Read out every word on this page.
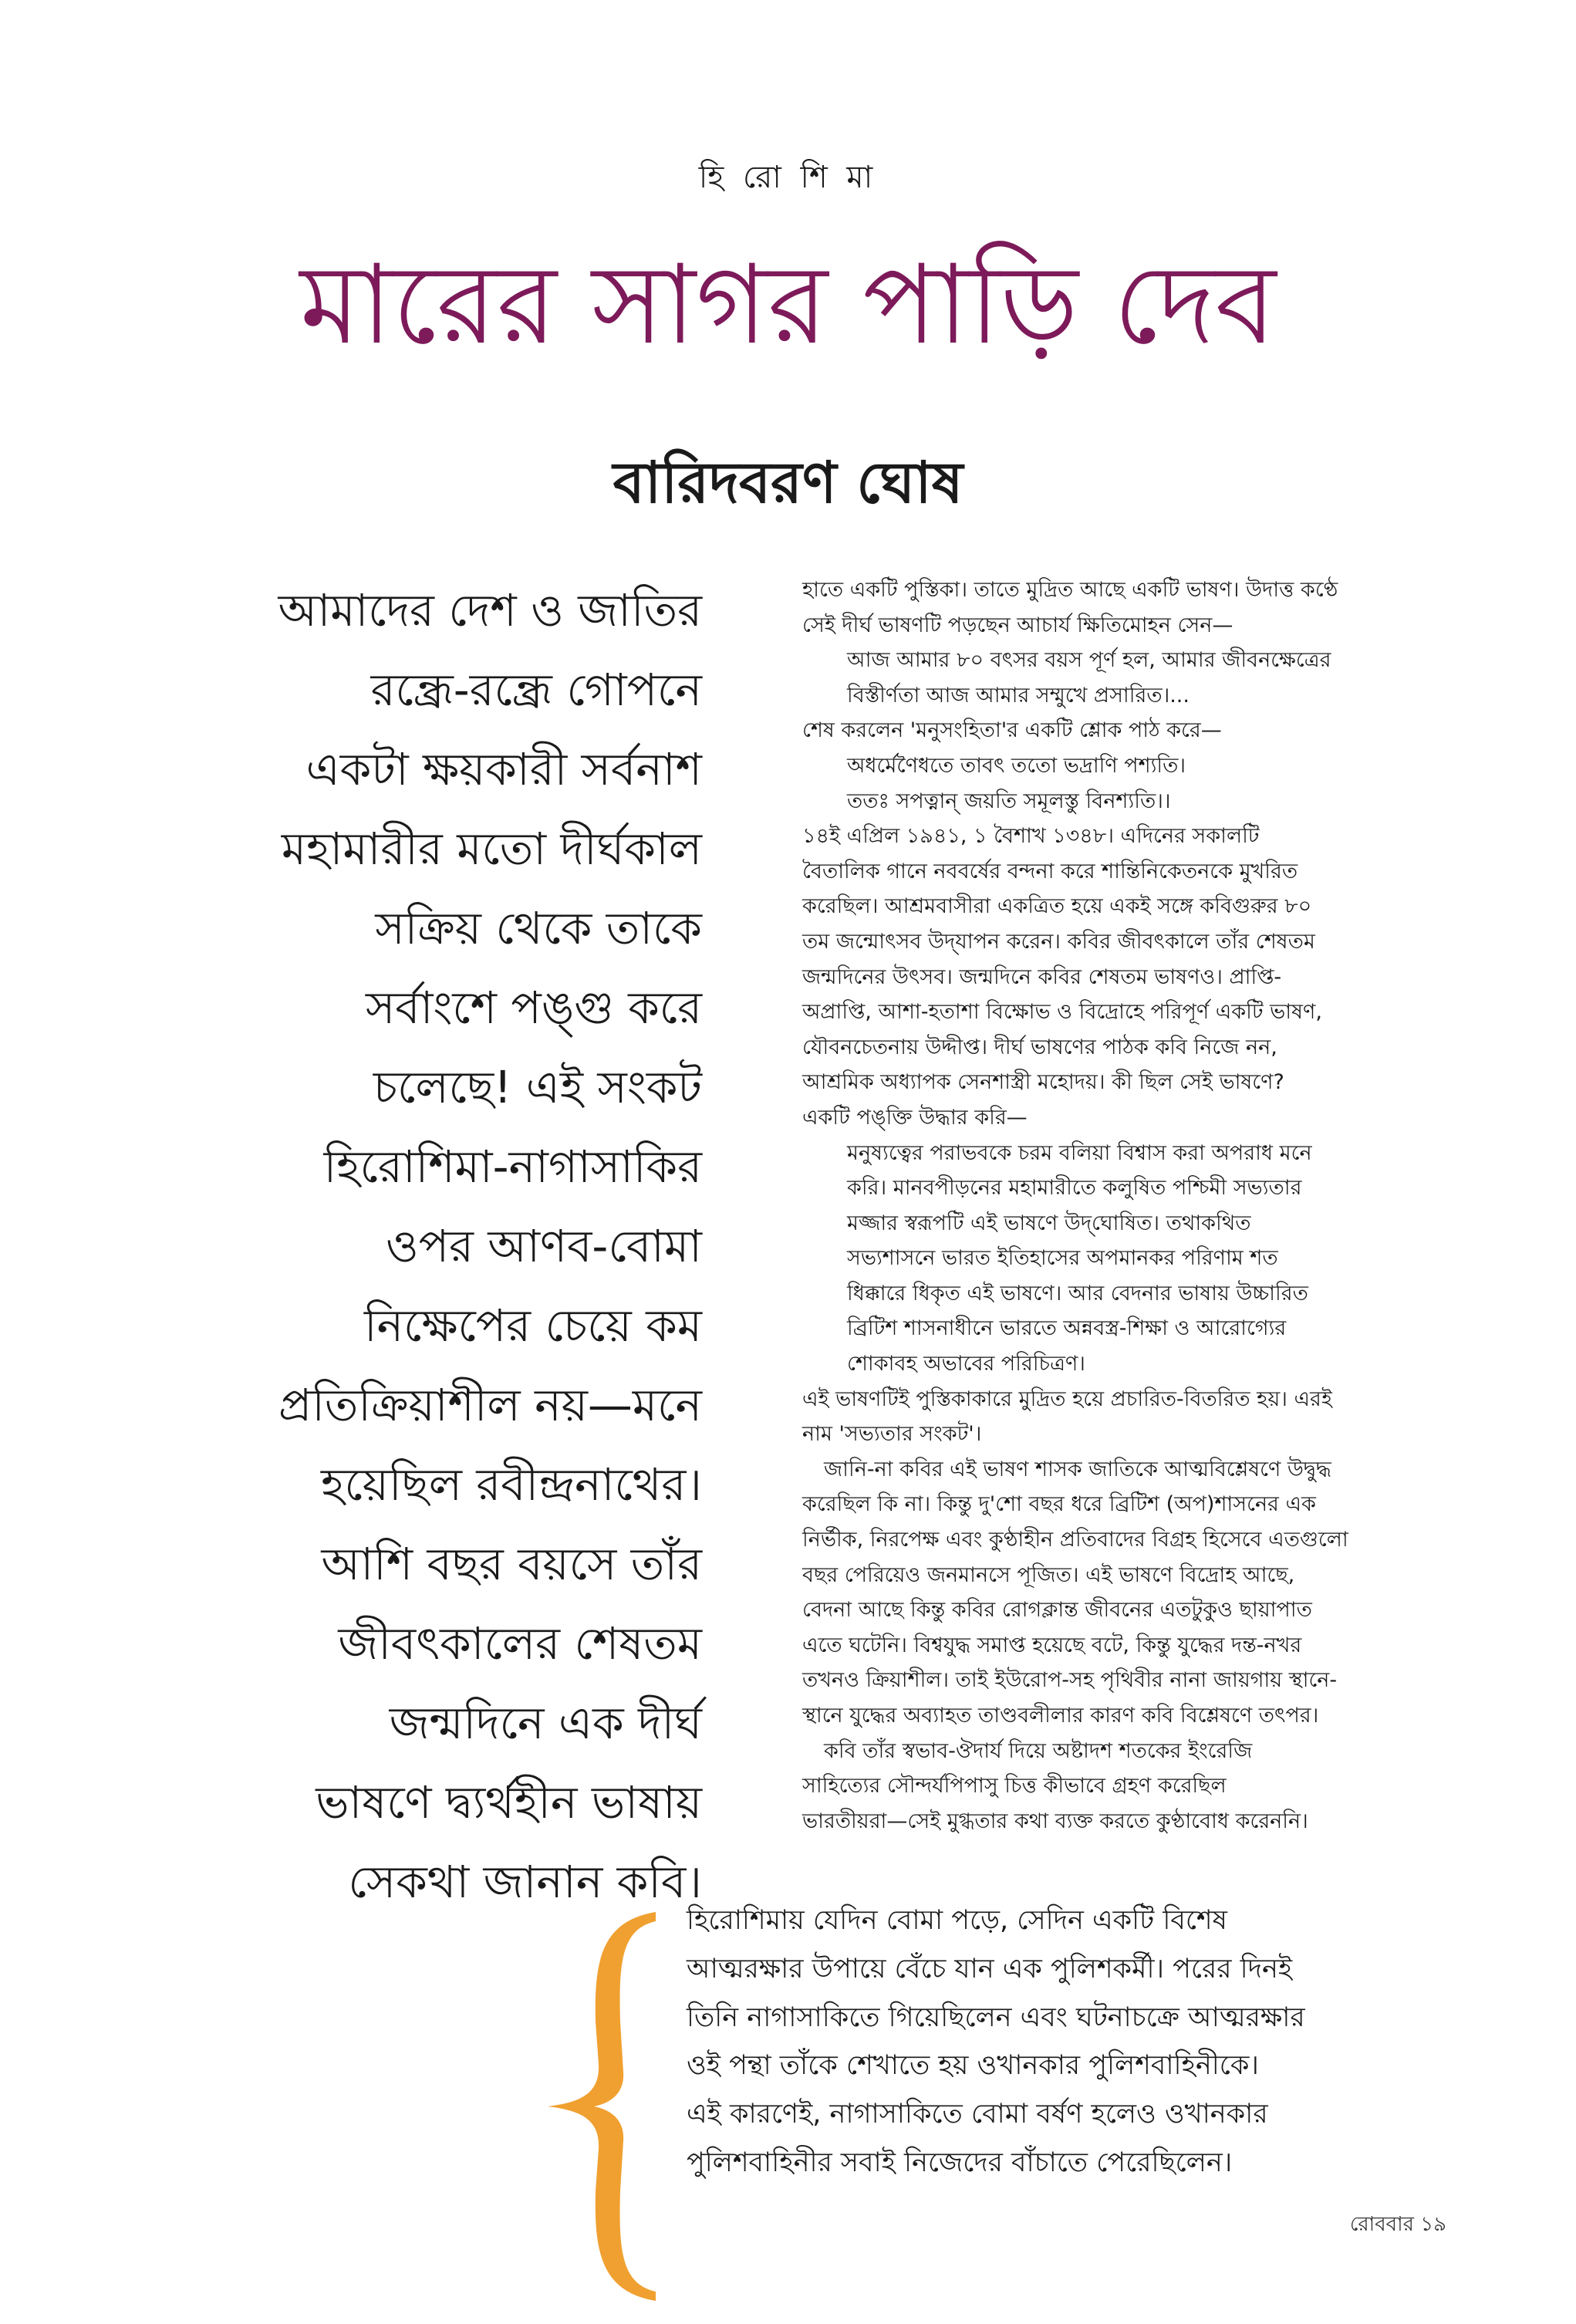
হি রো শি মা
মারের সাগর পাড়ি দেব
বারিদবরণ ঘোষ
আমাদের দেশ ও জাতির
রন্ধ্রে-রন্ধ্রে গোপনে
একটা ক্ষয়কারী সর্বনাশ
মহামারীর মতো দীর্ঘকাল
সক্রিয় থেকে তাকে
সর্বাংশে পঙ্গু করে
চলেছে! এই সংকট
হিরোশিমা-নাগাসাকির
ওপর আণব-বোমা
নিক্ষেপের চেয়ে কম
প্রতিক্রিয়াশীল নয়—মনে
হয়েছিল রবীন্দ্রনাথের।
আশি বছর বয়সে তাঁর
জীবৎকালের শেষতম
জন্মদিনে এক দীর্ঘ
ভাষণে দ্ব্যর্থহীন ভাষায়
সেকথা জানান কবি।

হাতে একটি পুস্তিকা। তাতে মুদ্রিত আছে একটি ভাষণ। উদাত্ত কণ্ঠে

সেই দীর্ঘ ভাষণটি পড়ছেন আচার্য ক্ষিতিমোহন সেন—

আজ আমার ৮০ বৎসর বয়স পূর্ণ হল, আমার জীবনক্ষেত্রের

বিস্তীর্ণতা আজ আমার সম্মুখে প্রসারিত।...

শেষ করলেন 'মনুসংহিতা'র একটি শ্লোক পাঠ করে—

অধর্মেণৈধতে তাবৎ ততো ভদ্রাণি পশ্যতি।

ততঃ সপত্নান্‌ জয়তি সমূলস্তু বিনশ্যতি।।

১৪ই এপ্রিল ১৯৪১, ১ বৈশাখ ১৩৪৮। এদিনের সকালটি

বৈতালিক গানে নববর্ষের বন্দনা করে শান্তিনিকেতনকে মুখরিত

করেছিল। আশ্রমবাসীরা একত্রিত হয়ে একই সঙ্গে কবিগুরুর ৮০

তম জন্মোৎসব উদ্‌যাপন করেন। কবির জীবৎকালে তাঁর শেষতম

জন্মদিনের উৎসব। জন্মদিনে কবির শেষতম ভাষণও। প্রাপ্তি-

অপ্রাপ্তি, আশা-হতাশা বিক্ষোভ ও বিদ্রোহে পরিপূর্ণ একটি ভাষণ,

যৌবনচেতনায় উদ্দীপ্ত। দীর্ঘ ভাষণের পাঠক কবি নিজে নন,

আশ্রমিক অধ্যাপক সেনশাস্ত্রী মহোদয়। কী ছিল সেই ভাষণে?

একটি পঙ্‌ক্তি উদ্ধার করি—

মনুষ্যত্বের পরাভবকে চরম বলিয়া বিশ্বাস করা অপরাধ মনে

করি। মানবপীড়নের মহামারীতে কলুষিত পশ্চিমী সভ্যতার

মজ্জার স্বরূপটি এই ভাষণে উদ্‌ঘোষিত। তথাকথিত

সভ্যশাসনে ভারত ইতিহাসের অপমানকর পরিণাম শত

ধিক্কারে ধিকৃত এই ভাষণে। আর বেদনার ভাষায় উচ্চারিত

ব্রিটিশ শাসনাধীনে ভারতে অন্নবস্ত্র-শিক্ষা ও আরোগ্যের

শোকাবহ অভাবের পরিচিত্রণ।

এই ভাষণটিই পুস্তিকাকারে মুদ্রিত হয়ে প্রচারিত-বিতরিত হয়। এরই

নাম 'সভ্যতার সংকট'।

জানি-না কবির এই ভাষণ শাসক জাতিকে আত্মবিশ্লেষণে উদ্বুদ্ধ

করেছিল কি না। কিন্তু দু'শো বছর ধরে ব্রিটিশ (অপ)শাসনের এক

নির্ভীক, নিরপেক্ষ এবং কুণ্ঠাহীন প্রতিবাদের বিগ্রহ হিসেবে এতগুলো

বছর পেরিয়েও জনমানসে পূজিত। এই ভাষণে বিদ্রোহ আছে,

বেদনা আছে কিন্তু কবির রোগক্লান্ত জীবনের এতটুকুও ছায়াপাত

এতে ঘটেনি। বিশ্বযুদ্ধ সমাপ্ত হয়েছে বটে, কিন্তু যুদ্ধের দন্ত-নখর

তখনও ক্রিয়াশীল। তাই ইউরোপ-সহ পৃথিবীর নানা জায়গায় স্থানে-

স্থানে যুদ্ধের অব্যাহত তাণ্ডবলীলার কারণ কবি বিশ্লেষণে তৎপর।

কবি তাঁর স্বভাব-ঔদার্য দিয়ে অষ্টাদশ শতকের ইংরেজি

সাহিত্যের সৌন্দর্যপিপাসু চিত্ত কীভাবে গ্রহণ করেছিল

ভারতীয়রা—সেই মুগ্ধতার কথা ব্যক্ত করতে কুণ্ঠাবোধ করেননি।

হিরোশিমায় যেদিন বোমা পড়ে, সেদিন একটি বিশেষ
আত্মরক্ষার উপায়ে বেঁচে যান এক পুলিশকর্মী। পরের দিনই
তিনি নাগাসাকিতে গিয়েছিলেন এবং ঘটনাচক্রে আত্মরক্ষার
ওই পন্থা তাঁকে শেখাতে হয় ওখানকার পুলিশবাহিনীকে।
এই কারণেই, নাগাসাকিতে বোমা বর্ষণ হলেও ওখানকার
পুলিশবাহিনীর সবাই নিজেদের বাঁচাতে পেরেছিলেন।
রোববার ১৯
